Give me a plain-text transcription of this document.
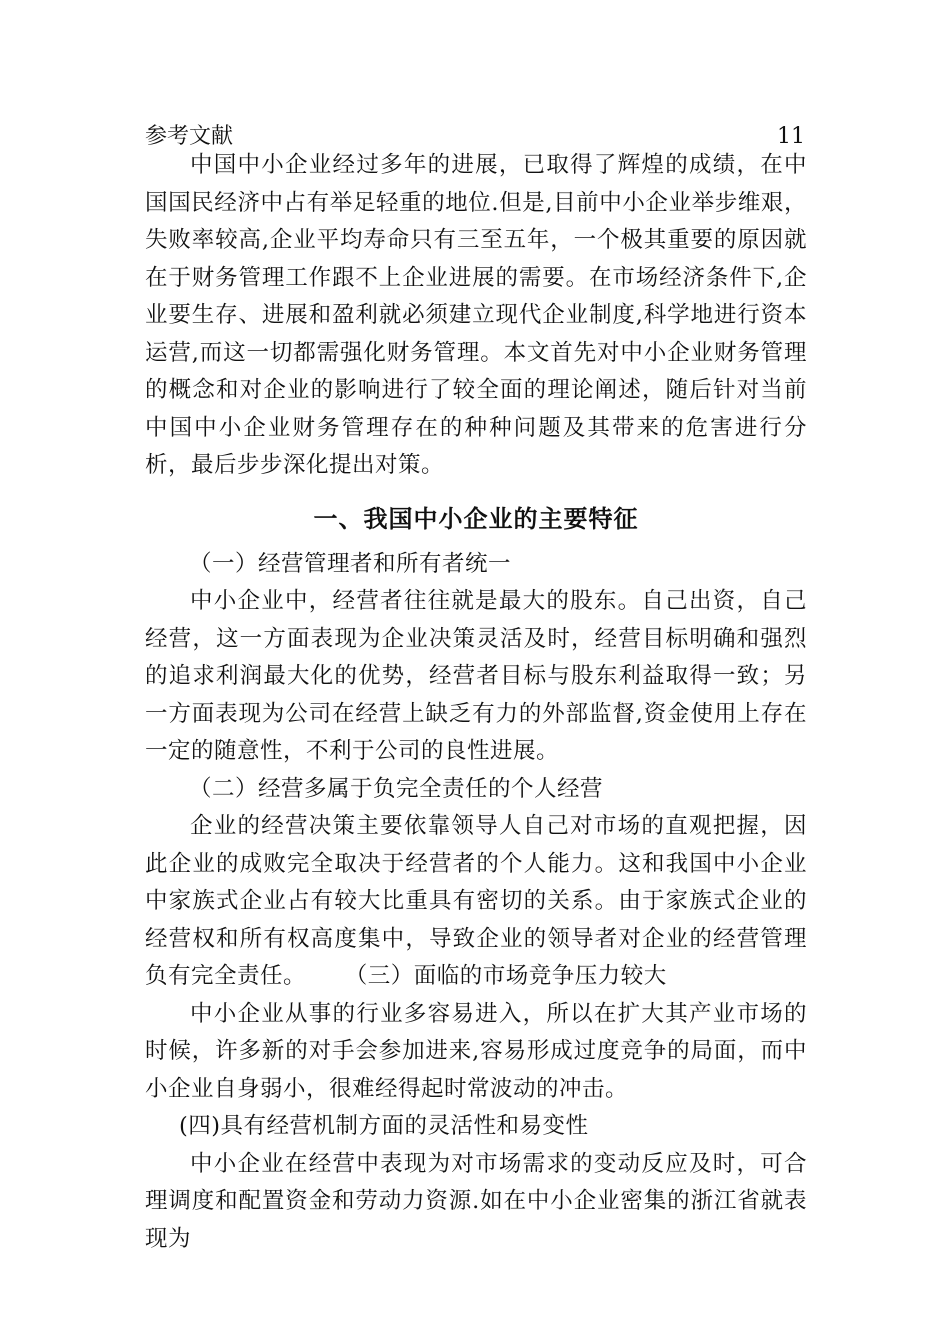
参考文献	11

中国中小企业经过多年的进展，已取得了辉煌的成绩，在中国国民经济中占有举足轻重的地位.但是,目前中小企业举步维艰，失败率较高,企业平均寿命只有三至五年，一个极其重要的原因就在于财务管理工作跟不上企业进展的需要。在市场经济条件下,企业要生存、进展和盈利就必须建立现代企业制度,科学地进行资本运营,而这一切都需强化财务管理。本文首先对中小企业财务管理的概念和对企业的影响进行了较全面的理论阐述，随后针对当前中国中小企业财务管理存在的种种问题及其带来的危害进行分析，最后步步深化提出对策。

一、我国中小企业的主要特征

（一）经营管理者和所有者统一

中小企业中，经营者往往就是最大的股东。自己出资，自己经营，这一方面表现为企业决策灵活及时，经营目标明确和强烈的追求利润最大化的优势，经营者目标与股东利益取得一致；另一方面表现为公司在经营上缺乏有力的外部监督,资金使用上存在一定的随意性，不利于公司的良性进展。

（二）经营多属于负完全责任的个人经营

企业的经营决策主要依靠领导人自己对市场的直观把握，因此企业的成败完全取决于经营者的个人能力。这和我国中小企业中家族式企业占有较大比重具有密切的关系。由于家族式企业的经营权和所有权高度集中，导致企业的领导者对企业的经营管理负有完全责任。 （三）面临的市场竞争压力较大

中小企业从事的行业多容易进入，所以在扩大其产业市场的时候，许多新的对手会参加进来,容易形成过度竞争的局面，而中小企业自身弱小，很难经得起时常波动的冲击。

(四)具有经营机制方面的灵活性和易变性

中小企业在经营中表现为对市场需求的变动反应及时，可合理调度和配置资金和劳动力资源.如在中小企业密集的浙江省就表现为
